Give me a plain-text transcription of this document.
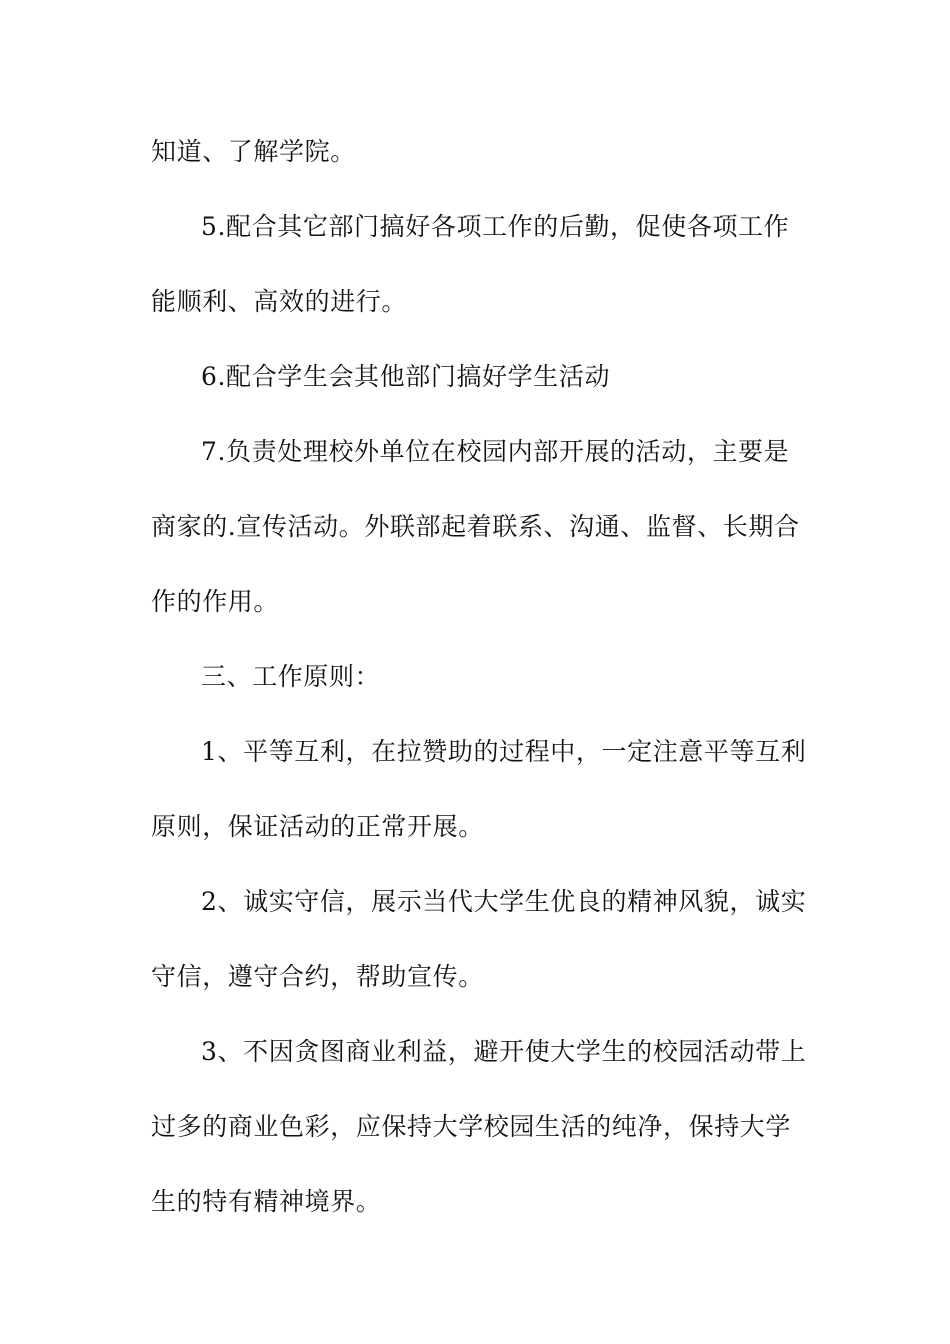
知道、了解学院。
5.配合其它部门搞好各项工作的后勤，促使各项工作
能顺利、高效的进行。
6.配合学生会其他部门搞好学生活动
7.负责处理校外单位在校园内部开展的活动，主要是
商家的.宣传活动。外联部起着联系、沟通、监督、长期合
作的作用。
三、工作原则：
1、平等互利，在拉赞助的过程中，一定注意平等互利
原则，保证活动的正常开展。
2、诚实守信，展示当代大学生优良的精神风貌，诚实
守信，遵守合约，帮助宣传。
3、不因贪图商业利益，避开使大学生的校园活动带上
过多的商业色彩，应保持大学校园生活的纯净，保持大学
生的特有精神境界。
